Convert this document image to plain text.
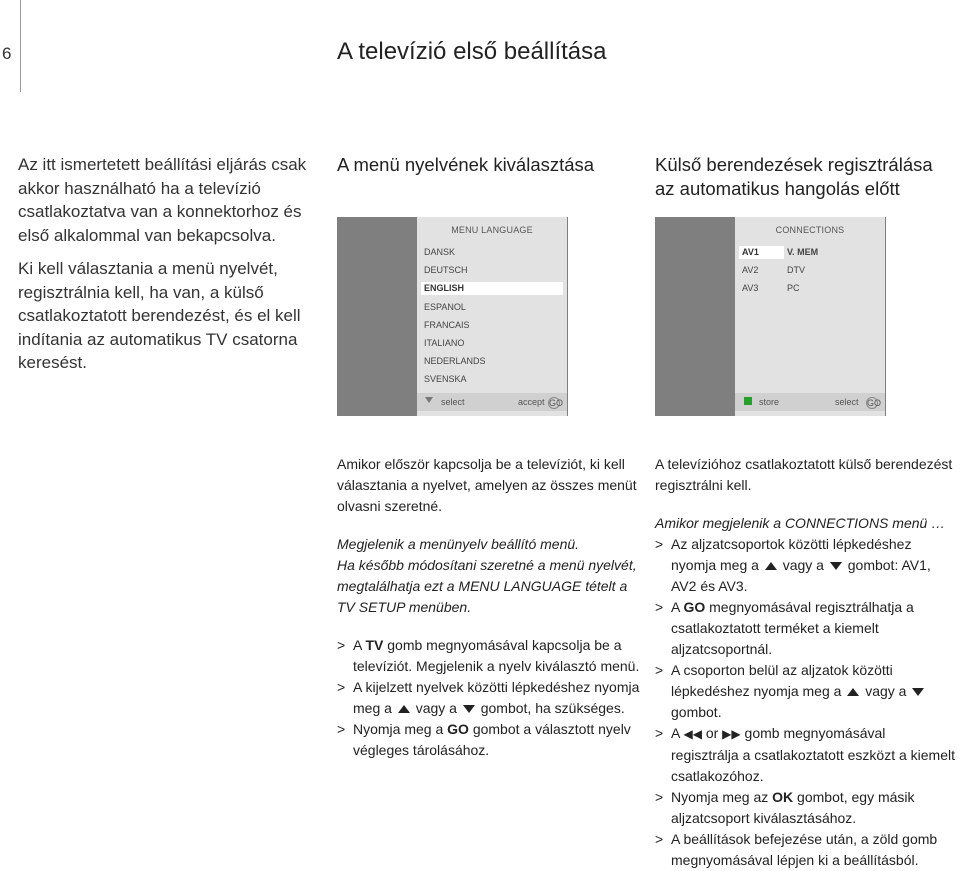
6	A televízió első beállítása

Az itt ismertetett beállítási eljárás csak akkor használható ha a televízió csatlakoztatva van a konnektorhoz és első alkalommal van bekapcsolva.

Ki kell választania a menü nyelvét, regisztrálnia kell, ha van, a külső csatlakoztatott berendezést, és el kell indítania az automatikus TV csatorna keresést.

A menü nyelvének kiválasztása
MENU LANGUAGE
DANSK
DEUTSCH
ENGLISH
ESPANOL
FRANCAIS
ITALIANO
NEDERLANDS
SVENSKA
select	accept GO
Külső berendezések regisztrálása az automatikus hangolás előtt
CONNECTIONS
AV1	V. MEM
AV2	DTV
AV3	PC
store	select GO

Amikor először kapcsolja be a televíziót, ki kell választania a nyelvet, amelyen az összes menüt olvasni szeretné.

Megjelenik a menünyelv beállító menü.

Ha később módosítani szeretné a menü nyelvét, megtalálhatja ezt a MENU LANGUAGE tételt a TV SETUP menüben.

> A TV gomb megnyomásával kapcsolja be a televíziót. Megjelenik a nyelv kiválasztó menü.

> A kijelzett nyelvek közötti lépkedéshez nyomja meg a vagy a gombot, ha szükséges.

> Nyomja meg a GO gombot a választott nyelv végleges tárolásához.

A televízióhoz csatlakoztatott külső berendezést regisztrálni kell.

Amikor megjelenik a CONNECTIONS menü …

> Az aljzatcsoportok közötti lépkedéshez nyomja meg a vagy a gombot: AV1, AV2 és AV3.

> A GO megnyomásával regisztrálhatja a csatlakoztatott terméket a kiemelt aljzatcsoportnál.

> A csoporton belül az aljzatok közötti lépkedéshez nyomja meg a vagy a  gombot.

> A ◀◀ or ▶▶ gomb megnyomásával regisztrálja a csatlakoztatott eszközt a kiemelt csatlakozóhoz.

> Nyomja meg az OK gombot, egy másik aljzatcsoport kiválasztásához.

> A beállítások befejezése után, a zöld gomb megnyomásával lépjen ki a beállításból.
